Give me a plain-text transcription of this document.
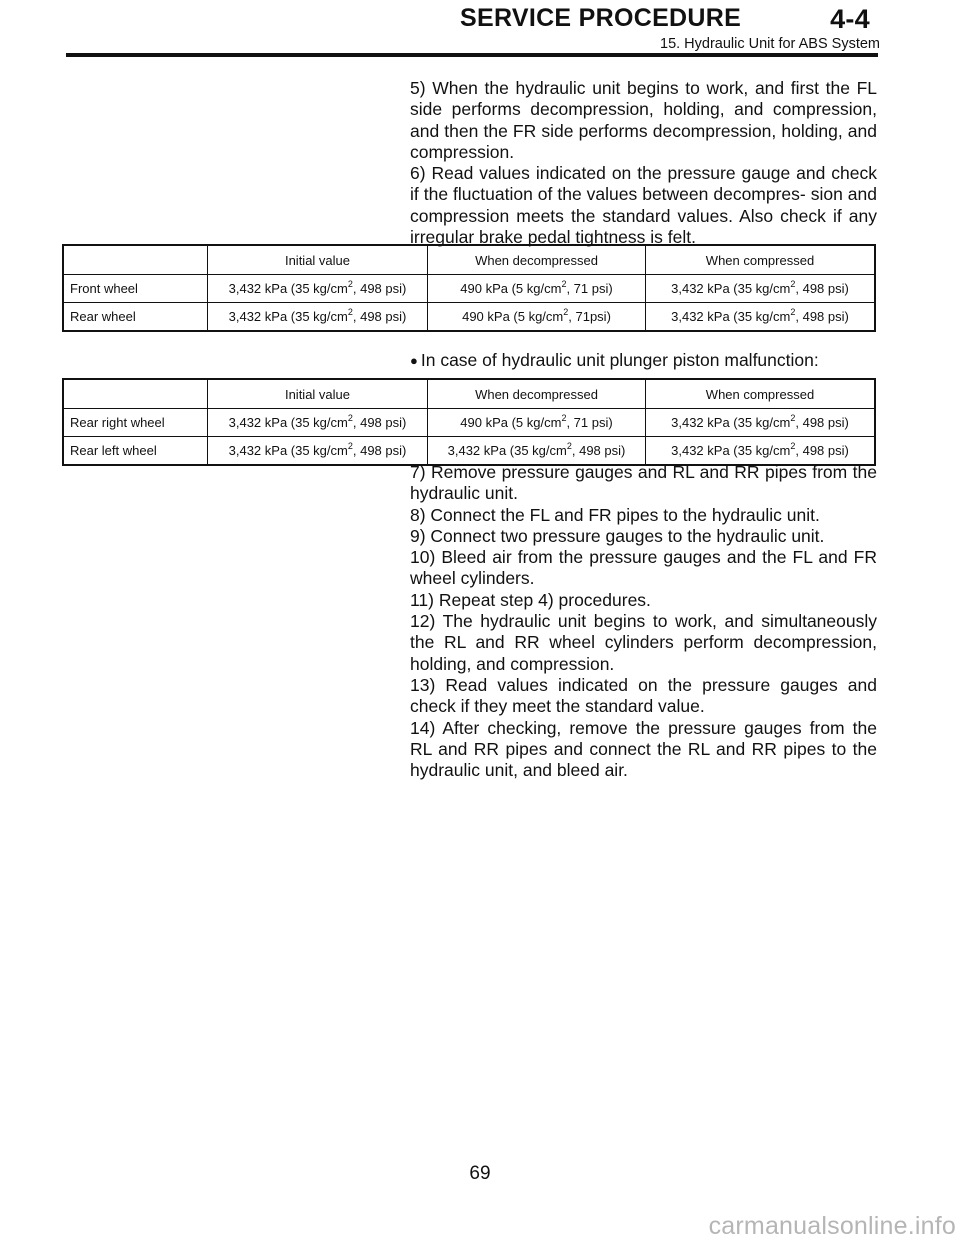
SERVICE PROCEDURE	4-4
15. Hydraulic Unit for ABS System

5) When the hydraulic unit begins to work, and first the FL side performs decompression, holding, and compression, and then the FR side performs decompression, holding, and compression.

6) Read values indicated on the pressure gauge and check if the fluctuation of the values between decompres- sion and compression meets the standard values. Also check if any irregular brake pedal tightness is felt.

	Initial value	When decompressed	When compressed
Front wheel	3,432 kPa (35 $kg/cm^2$, 498 psi)	490 kPa (5 $kg/cm^2$, 71 psi)	3,432 kPa (35 $kg/cm^2$, 498 psi)
Rear wheel	3,432 kPa (35 $kg/cm^2$, 498 psi)	490 kPa (5 $kg/cm^2$, 71psi)	3,432 kPa (35 $kg/cm^2$, 498 psi)
● In case of hydraulic unit plunger piston malfunction:
	Initial value	When decompressed	When compressed
Rear right wheel	3,432 kPa (35 $kg/cm^2$, 498 psi)	490 kPa (5 $kg/cm^2$, 71 psi)	3,432 kPa (35 $kg/cm^2$, 498 psi)
Rear left wheel	3,432 kPa (35 $kg/cm^2$, 498 psi)	3,432 kPa (35 $kg/cm^2$, 498 psi)	3,432 kPa (35 $kg/cm^2$, 498 psi)

7) Remove pressure gauges and RL and RR pipes from the hydraulic unit.

8) Connect the FL and FR pipes to the hydraulic unit.

9) Connect two pressure gauges to the hydraulic unit.

10) Bleed air from the pressure gauges and the FL and FR wheel cylinders.

11) Repeat step 4) procedures.

12) The hydraulic unit begins to work, and simultaneously the RL and RR wheel cylinders perform decompression, holding, and compression.

13) Read values indicated on the pressure gauges and check if they meet the standard value.

14) After checking, remove the pressure gauges from the RL and RR pipes and connect the RL and RR pipes to the hydraulic unit, and bleed air.

69
carmanualsonline.info
